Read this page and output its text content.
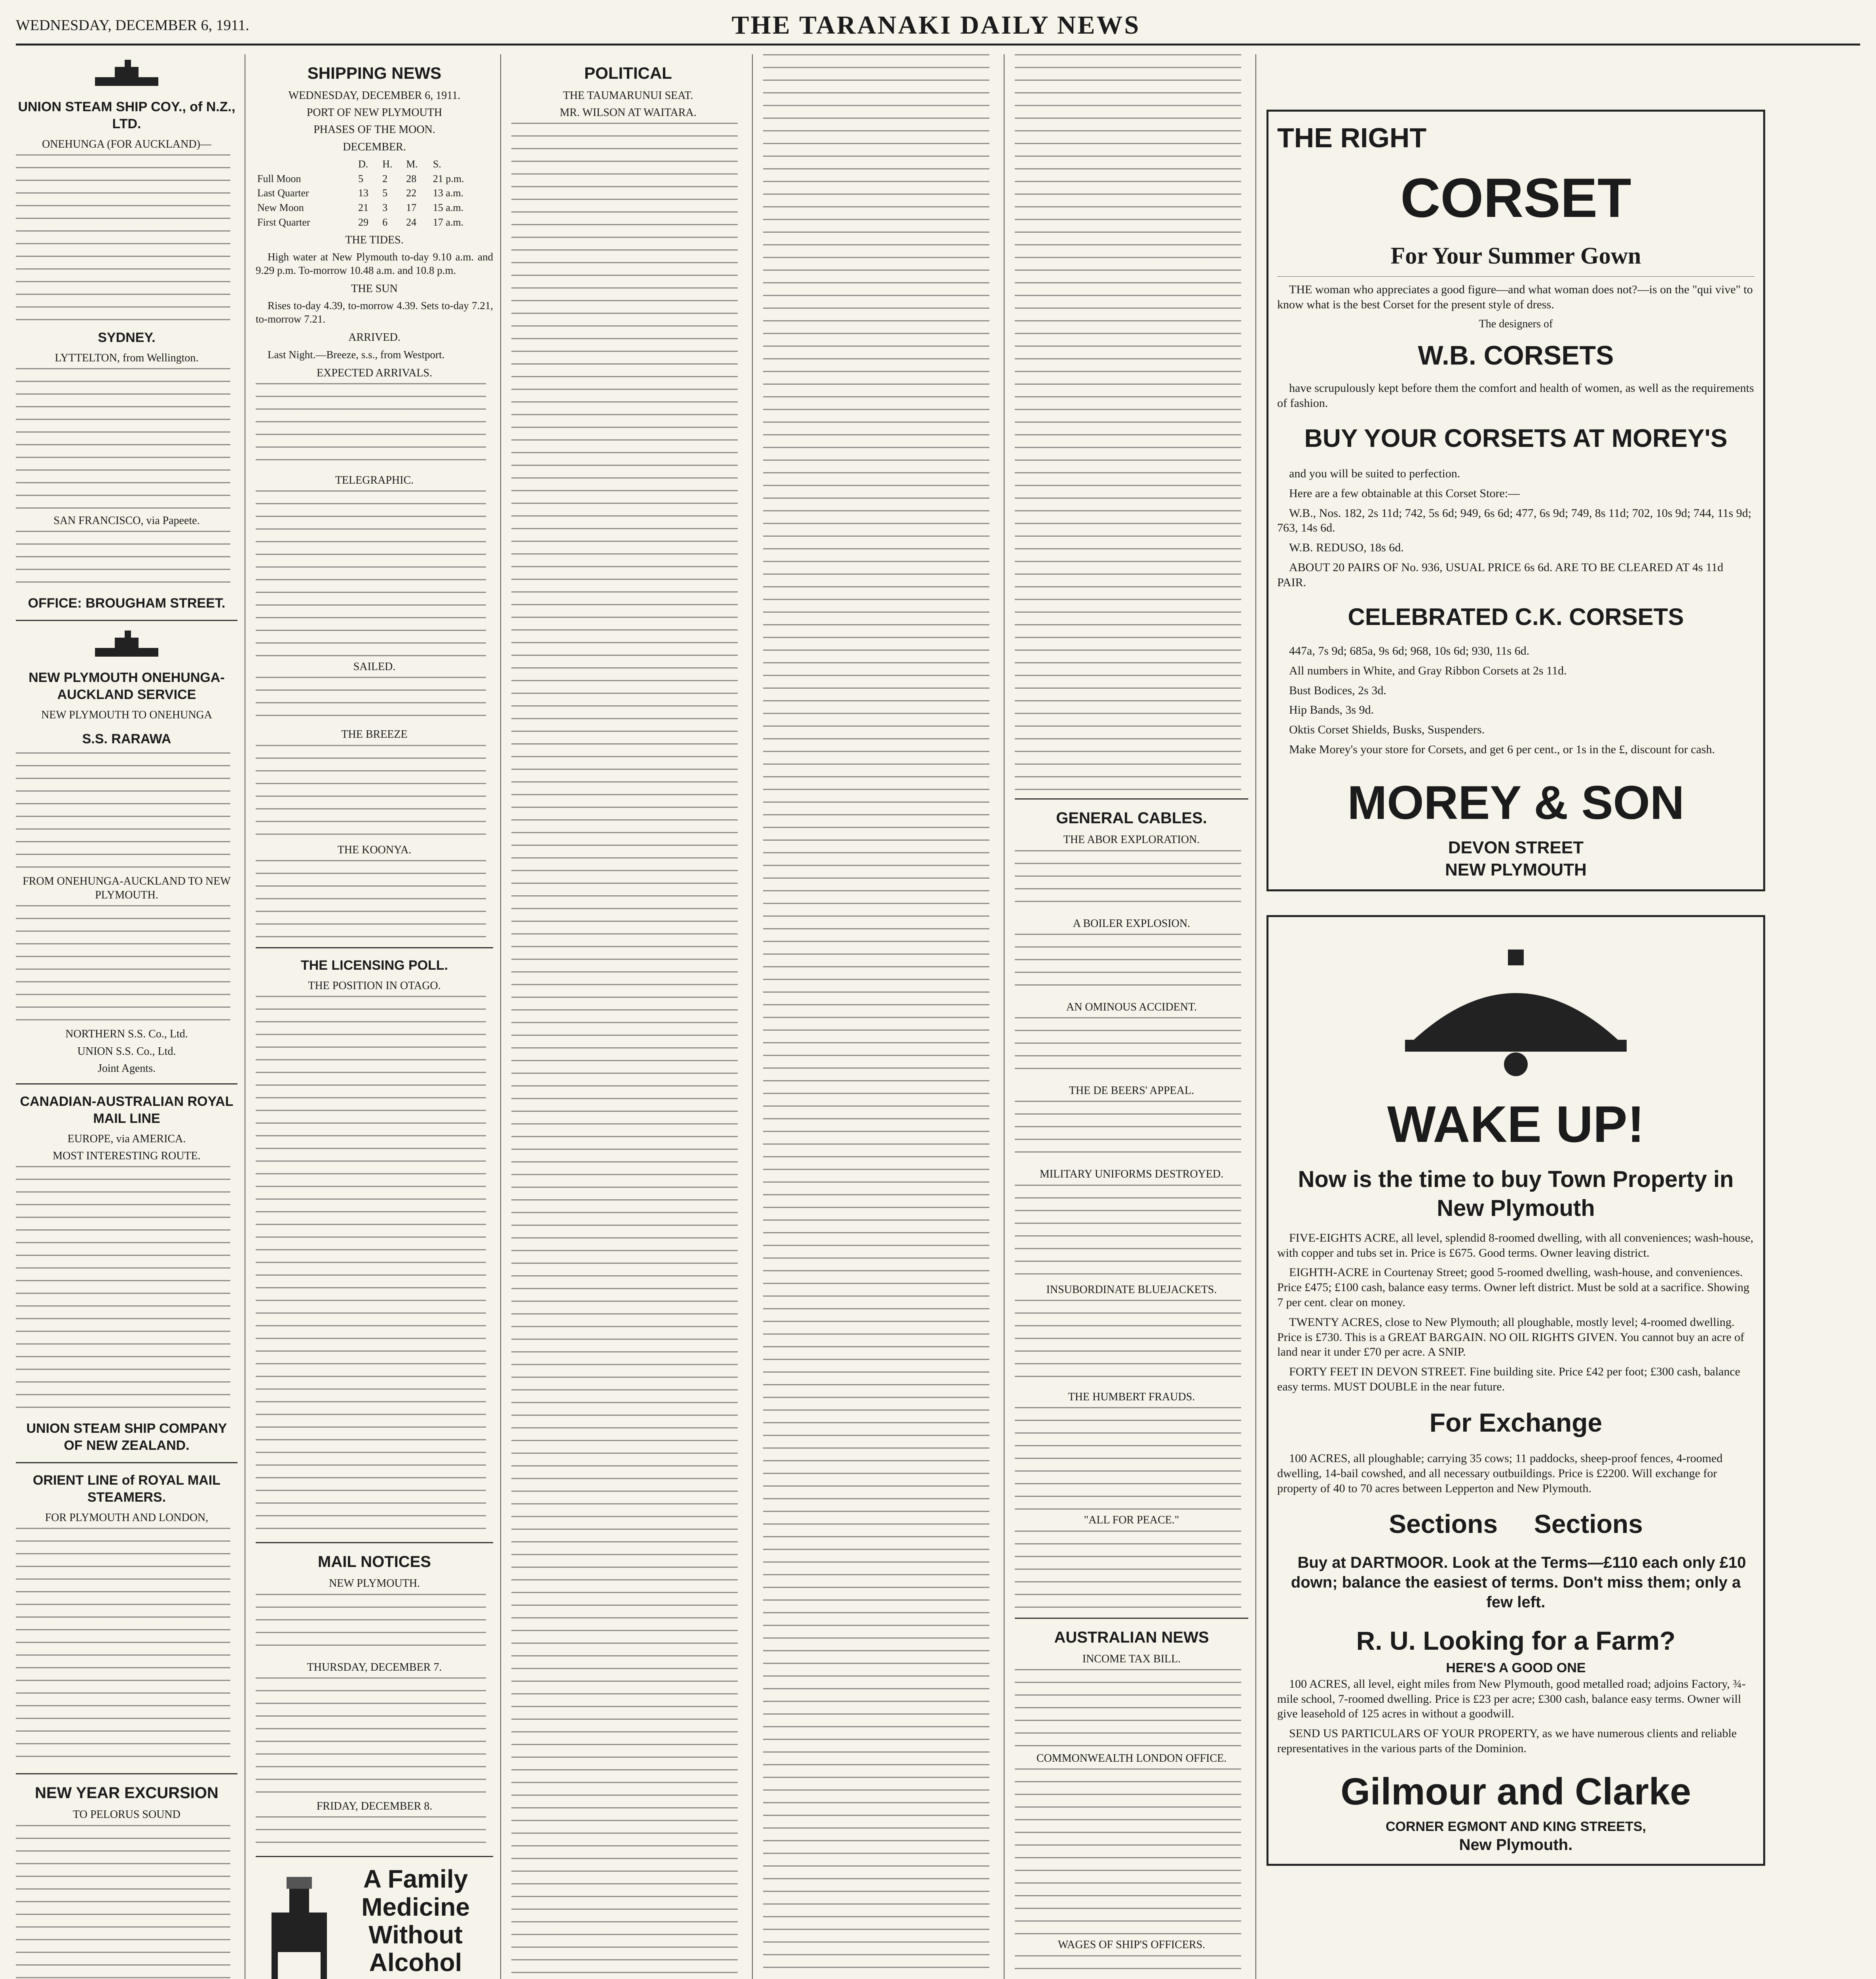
WEDNESDAY, DECEMBER 6, 1911.	THE TARANAKI DAILY NEWS
UNION STEAM SHIP COY., of N.Z., LTD.
ONEHUNGA (FOR AUCKLAND)—
SYDNEY.
LYTTELTON, from Wellington.
SAN FRANCISCO, via Papeete.
OFFICE: BROUGHAM STREET.
NEW PLYMOUTH ONEHUNGA-AUCKLAND SERVICE
NEW PLYMOUTH TO ONEHUNGA
S.S. RARAWA
FROM ONEHUNGA-AUCKLAND TO NEW PLYMOUTH.
NORTHERN S.S. Co., Ltd.
UNION S.S. Co., Ltd.
Joint Agents.
CANADIAN-AUSTRALIAN ROYAL MAIL LINE
EUROPE, via AMERICA.
MOST INTERESTING ROUTE.
UNION STEAM SHIP COMPANY OF NEW ZEALAND.
ORIENT LINE of ROYAL MAIL STEAMERS.
FOR PLYMOUTH AND LONDON,
NEW YEAR EXCURSION
TO PELORUS SOUND

SHIPPING NEWS
WEDNESDAY, DECEMBER 6, 1911.
PORT OF NEW PLYMOUTH
PHASES OF THE MOON.
DECEMBER.
	D.	H.	M.	S.
Full Moon	5	2	28	21 p.m.
Last Quarter	13	5	22	13 a.m.
New Moon	21	3	17	15 a.m.
First Quarter	29	6	24	17 a.m.
THE TIDES.

High water at New Plymouth to-day 9.10 a.m. and 9.29 p.m. To-morrow 10.48 a.m. and 10.8 p.m.

THE SUN

Rises to-day 4.39, to-morrow 4.39. Sets to-day 7.21, to-morrow 7.21.

ARRIVED.

Last Night.—Breeze, s.s., from Westport.

EXPECTED ARRIVALS.
TELEGRAPHIC.
SAILED.
THE BREEZE
THE KOONYA.
THE LICENSING POLL.
THE POSITION IN OTAGO.
MAIL NOTICES
NEW PLYMOUTH.
THURSDAY, DECEMBER 7.
FRIDAY, DECEMBER 8.
A Family Medicine Without Alcohol

POLITICAL
THE TAUMARUNUI SEAT.
MR. WILSON AT WAITARA.
GENERAL CABLES.
THE ABOR EXPLORATION.
A BOILER EXPLOSION.
AN OMINOUS ACCIDENT.
THE DE BEERS' APPEAL.
MILITARY UNIFORMS DESTROYED.
INSUBORDINATE BLUEJACKETS.
THE HUMBERT FRAUDS.
"ALL FOR PEACE."
AUSTRALIAN NEWS
INCOME TAX BILL.
COMMONWEALTH LONDON OFFICE.
WAGES OF SHIP'S OFFICERS.
THE RIGHT
CORSET
For Your Summer Gown

THE woman who appreciates a good figure—and what woman does not?—is on the "qui vive" to know what is the best Corset for the present style of dress.

The designers of
W.B. CORSETS

have scrupulously kept before them the comfort and health of women, as well as the requirements of fashion.

BUY YOUR CORSETS AT MOREY'S

and you will be suited to perfection.

Here are a few obtainable at this Corset Store:—

W.B., Nos. 182, 2s 11d; 742, 5s 6d; 949, 6s 6d; 477, 6s 9d; 749, 8s 11d; 702, 10s 9d; 744, 11s 9d; 763, 14s 6d.

W.B. REDUSO, 18s 6d.

ABOUT 20 PAIRS OF No. 936, USUAL PRICE 6s 6d. ARE TO BE CLEARED AT 4s 11d PAIR.

CELEBRATED C.K. CORSETS

447a, 7s 9d; 685a, 9s 6d; 968, 10s 6d; 930, 11s 6d.

All numbers in White, and Gray Ribbon Corsets at 2s 11d.

Bust Bodices, 2s 3d.

Hip Bands, 3s 9d.

Oktis Corset Shields, Busks, Suspenders.

Make Morey's your store for Corsets, and get 6 per cent., or 1s in the £, discount for cash.

MOREY & SON
DEVON STREET
NEW PLYMOUTH
WAKE UP!
Now is the time to buy Town Property in New Plymouth

FIVE-EIGHTS ACRE, all level, splendid 8-roomed dwelling, with all conveniences; wash-house, with copper and tubs set in. Price is £675. Good terms. Owner leaving district.

EIGHTH-ACRE in Courtenay Street; good 5-roomed dwelling, wash-house, and conveniences. Price £475; £100 cash, balance easy terms. Owner left district. Must be sold at a sacrifice. Showing 7 per cent. clear on money.

TWENTY ACRES, close to New Plymouth; all ploughable, mostly level; 4-roomed dwelling. Price is £730. This is a GREAT BARGAIN. NO OIL RIGHTS GIVEN. You cannot buy an acre of land near it under £70 per acre. A SNIP.

FORTY FEET IN DEVON STREET. Fine building site. Price £42 per foot; £300 cash, balance easy terms. MUST DOUBLE in the near future.

For Exchange

100 ACRES, all ploughable; carrying 35 cows; 11 paddocks, sheep-proof fences, 4-roomed dwelling, 14-bail cowshed, and all necessary outbuildings. Price is £2200. Will exchange for property of 40 to 70 acres between Lepperton and New Plymouth.

Sections     Sections

Buy at DARTMOOR. Look at the Terms—£110 each only £10 down; balance the easiest of terms. Don't miss them; only a few left.

R. U. Looking for a Farm?
HERE'S A GOOD ONE

100 ACRES, all level, eight miles from New Plymouth, good metalled road; adjoins Factory, ¾-mile school, 7-roomed dwelling. Price is £23 per acre; £300 cash, balance easy terms. Owner will give leasehold of 125 acres in without a goodwill.

SEND US PARTICULARS OF YOUR PROPERTY, as we have numerous clients and reliable representatives in the various parts of the Dominion.

Gilmour and Clarke
CORNER EGMONT AND KING STREETS,
New Plymouth.
